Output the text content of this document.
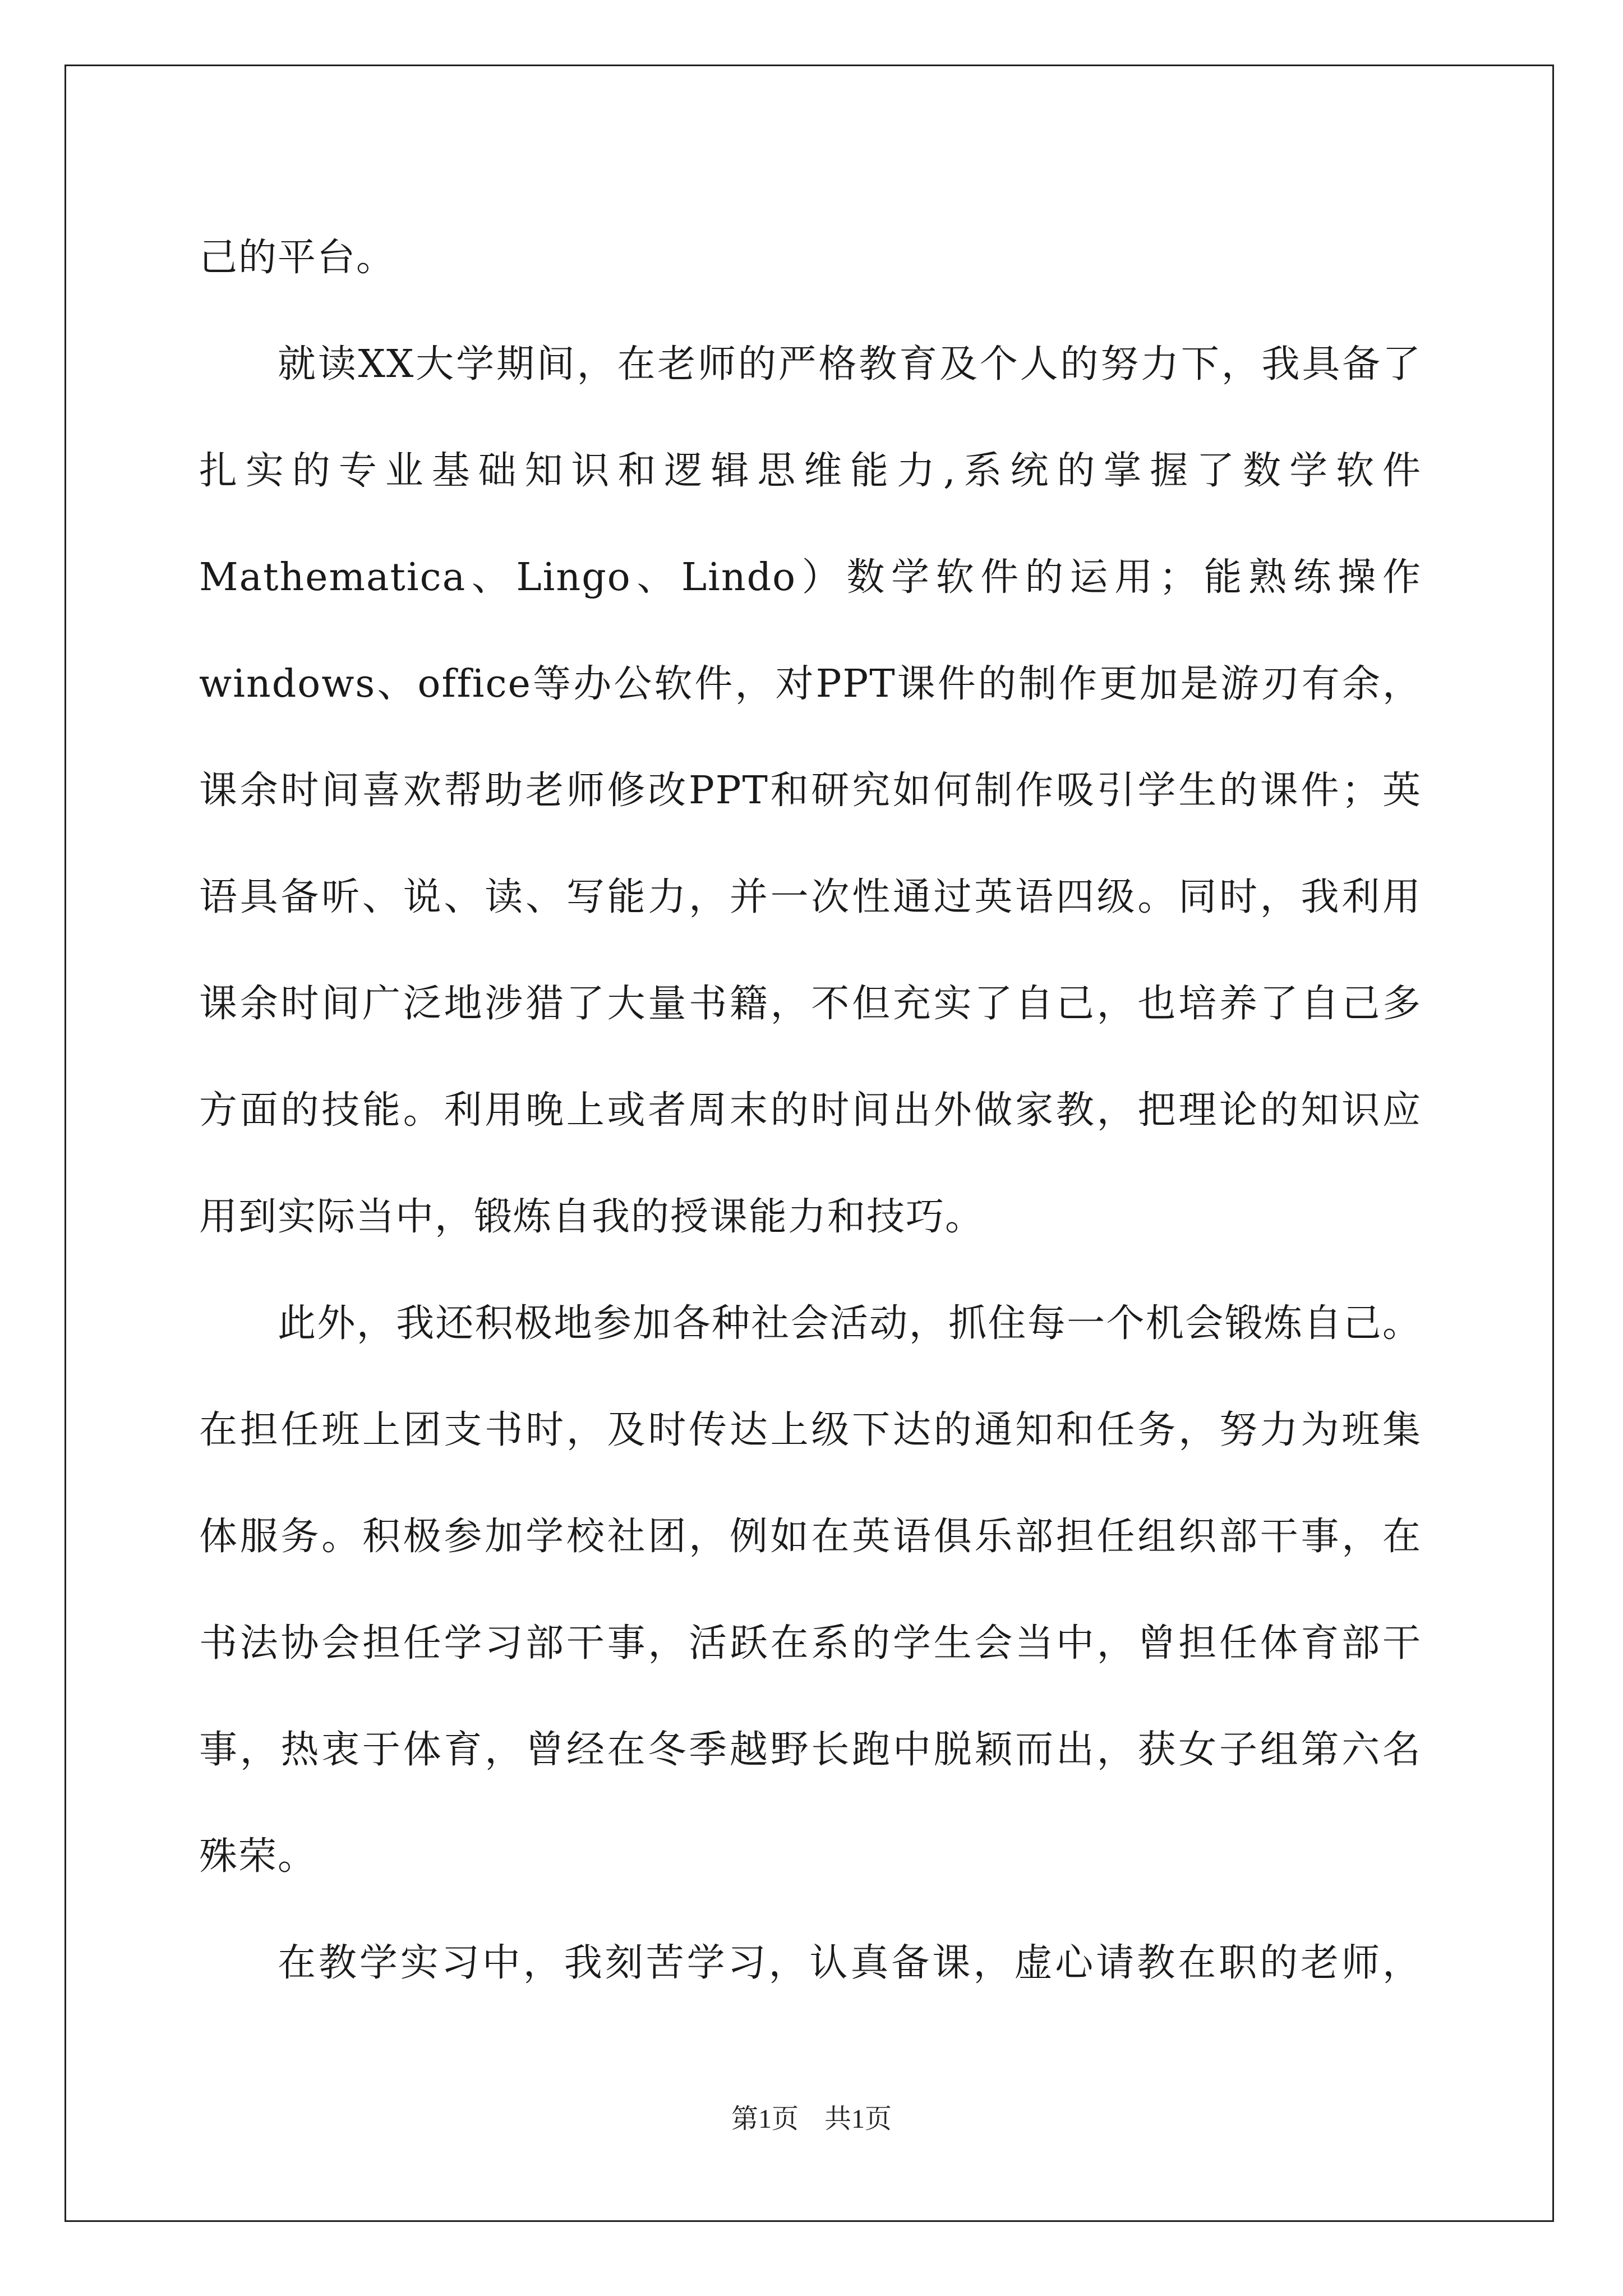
己的平台。
就读XX大学期间，在老师的严格教育及个人的努力下，我具备了
扎实的专业基础知识和逻辑思维能力,系统的掌握了数学软件
Mathematica、Lingo、Lindo）数学软件的运用；能熟练操作
windows、office等办公软件，对PPT课件的制作更加是游刃有余，
课余时间喜欢帮助老师修改PPT和研究如何制作吸引学生的课件；英
语具备听、说、读、写能力，并一次性通过英语四级。同时，我利用
课余时间广泛地涉猎了大量书籍，不但充实了自己，也培养了自己多
方面的技能。利用晚上或者周末的时间出外做家教，把理论的知识应
用到实际当中，锻炼自我的授课能力和技巧。
此外，我还积极地参加各种社会活动，抓住每一个机会锻炼自己。
在担任班上团支书时，及时传达上级下达的通知和任务，努力为班集
体服务。积极参加学校社团，例如在英语俱乐部担任组织部干事，在
书法协会担任学习部干事，活跃在系的学生会当中，曾担任体育部干
事，热衷于体育，曾经在冬季越野长跑中脱颖而出，获女子组第六名
殊荣。
在教学实习中，我刻苦学习，认真备课，虚心请教在职的老师，
第1页 共1页
